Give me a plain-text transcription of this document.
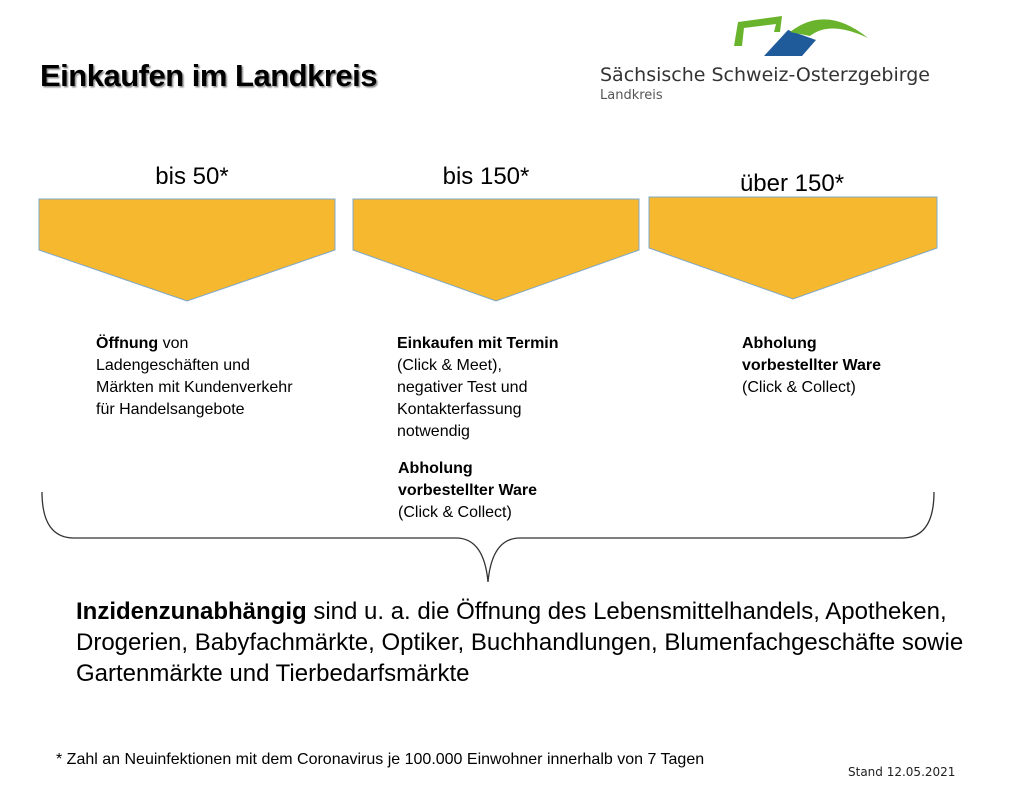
Einkaufen im Landkreis	Sächsische Schweiz-Osterzgebirge
Landkreis
bis 50*	bis 150*	über 150*
Öffnung von Ladengeschäften und Märkten mit Kundenverkehr für Handelsangebote
Einkaufen mit Termin
(Click & Meet), negativer Test und Kontakterfassung notwendig
Abholung vorbestellter Ware
(Click & Collect)
Abholung vorbestellter Ware
(Click & Collect)
Inzidenzunabhängig sind u. a. die Öffnung des Lebensmittelhandels, Apotheken, Drogerien, Babyfachmärkte, Optiker, Buchhandlungen, Blumenfachgeschäfte sowie Gartenmärkte und Tierbedarfsmärkte
* Zahl an Neuinfektionen mit dem Coronavirus je 100.000 Einwohner innerhalb von 7 Tagen
Stand 12.05.2021
